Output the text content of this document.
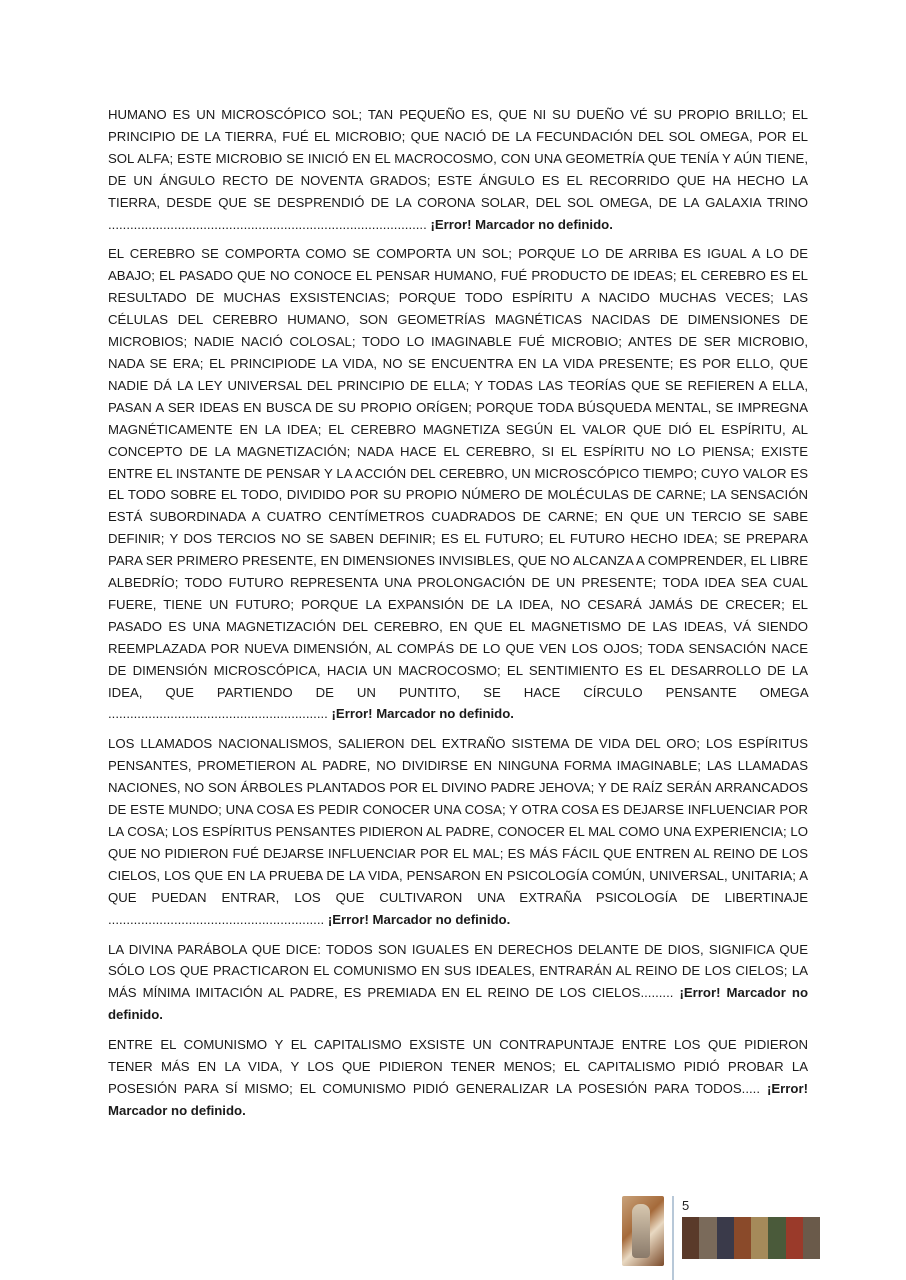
HUMANO ES UN MICROSCÓPICO SOL; TAN PEQUEÑO ES, QUE NI SU DUEÑO VÉ SU PROPIO BRILLO; EL PRINCIPIO DE LA TIERRA, FUÉ EL MICROBIO; QUE NACIÓ DE LA FECUNDACIÓN DEL SOL OMEGA, POR EL SOL ALFA; ESTE MICROBIO SE INICIÓ EN EL MACROCOSMO, CON UNA GEOMETRÍA QUE TENÍA Y AÚN TIENE, DE UN ÁNGULO RECTO DE NOVENTA GRADOS; ESTE ÁNGULO ES EL RECORRIDO QUE HA HECHO LA TIERRA, DESDE QUE SE DESPRENDIÓ DE LA CORONA SOLAR, DEL SOL OMEGA, DE LA GALAXIA TRINO ....................................................................................... ¡Error! Marcador no definido.

EL CEREBRO SE COMPORTA COMO SE COMPORTA UN SOL; PORQUE LO DE ARRIBA ES IGUAL A LO DE ABAJO; EL PASADO QUE NO CONOCE EL PENSAR HUMANO, FUÉ PRODUCTO DE IDEAS; EL CEREBRO ES EL RESULTADO DE MUCHAS EXSISTENCIAS; PORQUE TODO ESPÍRITU A NACIDO MUCHAS VECES; LAS CÉLULAS DEL CEREBRO HUMANO, SON GEOMETRÍAS MAGNÉTICAS NACIDAS DE DIMENSIONES DE MICROBIOS; NADIE NACIÓ COLOSAL; TODO LO IMAGINABLE FUÉ MICROBIO; ANTES DE SER MICROBIO, NADA SE ERA; EL PRINCIPIODE LA VIDA, NO SE ENCUENTRA EN LA VIDA PRESENTE; ES POR ELLO, QUE NADIE DÁ LA LEY UNIVERSAL DEL PRINCIPIO DE ELLA; Y TODAS LAS TEORÍAS QUE SE REFIEREN A ELLA, PASAN A SER IDEAS EN BUSCA DE SU PROPIO ORÍGEN; PORQUE TODA BÚSQUEDA MENTAL, SE IMPREGNA MAGNÉTICAMENTE EN LA IDEA; EL CEREBRO MAGNETIZA SEGÚN EL VALOR QUE DIÓ EL ESPÍRITU, AL CONCEPTO DE LA MAGNETIZACIÓN; NADA HACE EL CEREBRO, SI EL ESPÍRITU NO LO PIENSA; EXISTE ENTRE EL INSTANTE DE PENSAR Y LA ACCIÓN DEL CEREBRO, UN MICROSCÓPICO TIEMPO; CUYO VALOR ES EL TODO SOBRE EL TODO, DIVIDIDO POR SU PROPIO NÚMERO DE MOLÉCULAS DE CARNE; LA SENSACIÓN ESTÁ SUBORDINADA A CUATRO CENTÍMETROS CUADRADOS DE CARNE; EN QUE UN TERCIO SE SABE DEFINIR; Y DOS TERCIOS NO SE SABEN DEFINIR; ES EL FUTURO; EL FUTURO HECHO IDEA; SE PREPARA PARA SER PRIMERO PRESENTE, EN DIMENSIONES INVISIBLES, QUE NO ALCANZA A COMPRENDER, EL LIBRE ALBEDRÍO; TODO FUTURO REPRESENTA UNA PROLONGACIÓN DE UN PRESENTE; TODA IDEA SEA CUAL FUERE, TIENE UN FUTURO; PORQUE LA EXPANSIÓN DE LA IDEA, NO CESARÁ JAMÁS DE CRECER; EL PASADO ES UNA MAGNETIZACIÓN DEL CEREBRO, EN QUE EL MAGNETISMO DE LAS IDEAS, VÁ SIENDO REEMPLAZADA POR NUEVA DIMENSIÓN, AL COMPÁS DE LO QUE VEN LOS OJOS; TODA SENSACIÓN NACE DE DIMENSIÓN MICROSCÓPICA, HACIA UN MACROCOSMO; EL SENTIMIENTO ES EL DESARROLLO DE LA IDEA, QUE PARTIENDO DE UN PUNTITO, SE HACE CÍRCULO PENSANTE OMEGA ............................................................ ¡Error! Marcador no definido.

LOS LLAMADOS NACIONALISMOS, SALIERON DEL EXTRAÑO SISTEMA DE VIDA DEL ORO; LOS ESPÍRITUS PENSANTES, PROMETIERON AL PADRE, NO DIVIDIRSE EN NINGUNA FORMA IMAGINABLE; LAS LLAMADAS NACIONES, NO SON ÁRBOLES PLANTADOS POR EL DIVINO PADRE JEHOVA; Y DE RAÍZ SERÁN ARRANCADOS DE ESTE MUNDO; UNA COSA ES PEDIR CONOCER UNA COSA; Y OTRA COSA ES DEJARSE INFLUENCIAR POR LA COSA; LOS ESPÍRITUS PENSANTES PIDIERON AL PADRE, CONOCER EL MAL COMO UNA EXPERIENCIA; LO QUE NO PIDIERON FUÉ DEJARSE INFLUENCIAR POR EL MAL; ES MÁS FÁCIL QUE ENTREN AL REINO DE LOS CIELOS, LOS QUE EN LA PRUEBA DE LA VIDA, PENSARON EN PSICOLOGÍA COMÚN, UNIVERSAL, UNITARIA; A QUE PUEDAN ENTRAR, LOS QUE CULTIVARON UNA EXTRAÑA PSICOLOGÍA DE LIBERTINAJE ........................................................... ¡Error! Marcador no definido.

LA DIVINA PARÁBOLA QUE DICE: TODOS SON IGUALES EN DERECHOS DELANTE DE DIOS, SIGNIFICA QUE SÓLO LOS QUE PRACTICARON EL COMUNISMO EN SUS IDEALES, ENTRARÁN AL REINO DE LOS CIELOS; LA MÁS MÍNIMA IMITACIÓN AL PADRE, ES PREMIADA EN EL REINO DE LOS CIELOS......... ¡Error! Marcador no definido.

ENTRE EL COMUNISMO Y EL CAPITALISMO EXSISTE UN CONTRAPUNTAJE ENTRE LOS QUE PIDIERON TENER MÁS EN LA VIDA, Y LOS QUE PIDIERON TENER MENOS; EL CAPITALISMO PIDIÓ PROBAR LA POSESIÓN PARA SÍ MISMO; EL COMUNISMO PIDIÓ GENERALIZAR LA POSESIÓN PARA TODOS..... ¡Error! Marcador no definido.

5
